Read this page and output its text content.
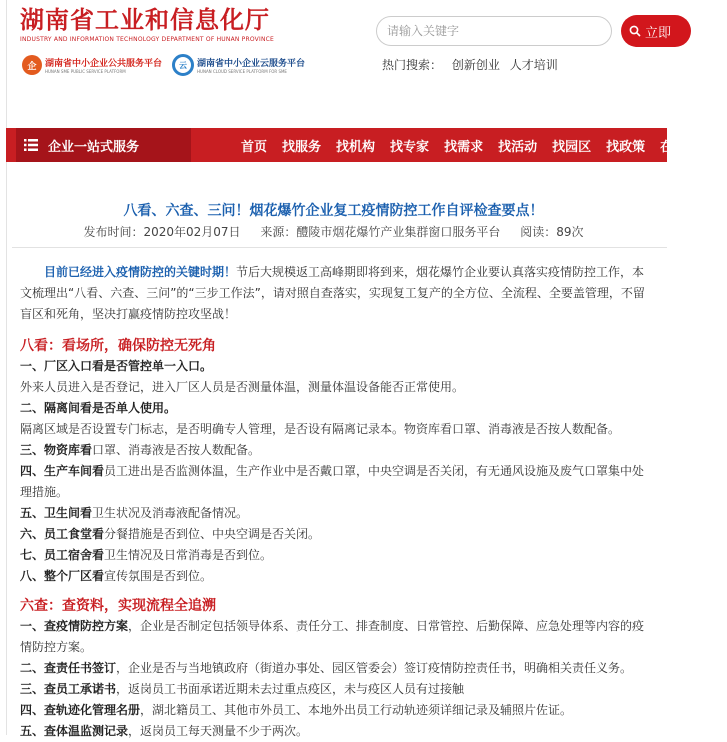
湖南省工业和信息化厅
INDUSTRY AND INFORMATION TECHNOLOGY DEPARTMENT OF HUNAN PROVINCE
企 湖南省中小企业公共服务平台
HUNAN SME PUBLIC SERVICE PLATFORM
云	湖南省中小企业云服务平台
HUNAN CLOUD SERVICE PLATFORM FOR SME
请输入关键字
立即
热门搜索： 创新创业 人才培训
企业一站式服务	首页 找服务 找机构 找专家 找需求 找活动 找园区 找政策 在线服务
八看、六查、三问！烟花爆竹企业复工疫情防控工作自评检查要点！
发布时间：2020年02月07日 来源：醴陵市烟花爆竹产业集群窗口服务平台 阅读：89次

目前已经进入疫情防控的关键时期！节后大规模返工高峰期即将到来，烟花爆竹企业要认真落实疫情防控工作，本文梳理出“八看、六查、三问”的“三步工作法”，请对照自查落实，实现复工复产的全方位、全流程、全要盖管理，不留盲区和死角，坚决打赢疫情防控攻坚战！

八看：看场所，确保防控无死角
一、厂区入口看是否管控单一入口。
外来人员进入是否登记，进入厂区人员是否测量体温，测量体温设备能否正常使用。
二、隔离间看是否单人使用。
隔离区域是否设置专门标志，是否明确专人管理，是否设有隔离记录本。物资库看口罩、消毒液是否按人数配备。
三、物资库看口罩、消毒液是否按人数配备。
四、生产车间看员工进出是否监测体温，生产作业中是否戴口罩，中央空调是否关闭，有无通风设施及废气口罩集中处理措施。
五、卫生间看卫生状况及消毒液配备情况。
六、员工食堂看分餐措施是否到位、中央空调是否关闭。
七、员工宿舍看卫生情况及日常消毒是否到位。
八、整个厂区看宣传氛围是否到位。
六查：查资料，实现流程全追溯
一、查疫情防控方案，企业是否制定包括领导体系、责任分工、排查制度、日常管控、后勤保障、应急处理等内容的疫情防控方案。
二、查责任书签订，企业是否与当地镇政府（街道办事处、园区管委会）签订疫情防控责任书，明确相关责任义务。
三、查员工承诺书，返岗员工书面承诺近期未去过重点疫区，未与疫区人员有过接触
四、查轨迹化管理名册，湖北籍员工、其他市外员工、本地外出员工行动轨迹须详细记录及辅照片佐证。
五、查体温监测记录，返岗员工每天测量不少于两次。
